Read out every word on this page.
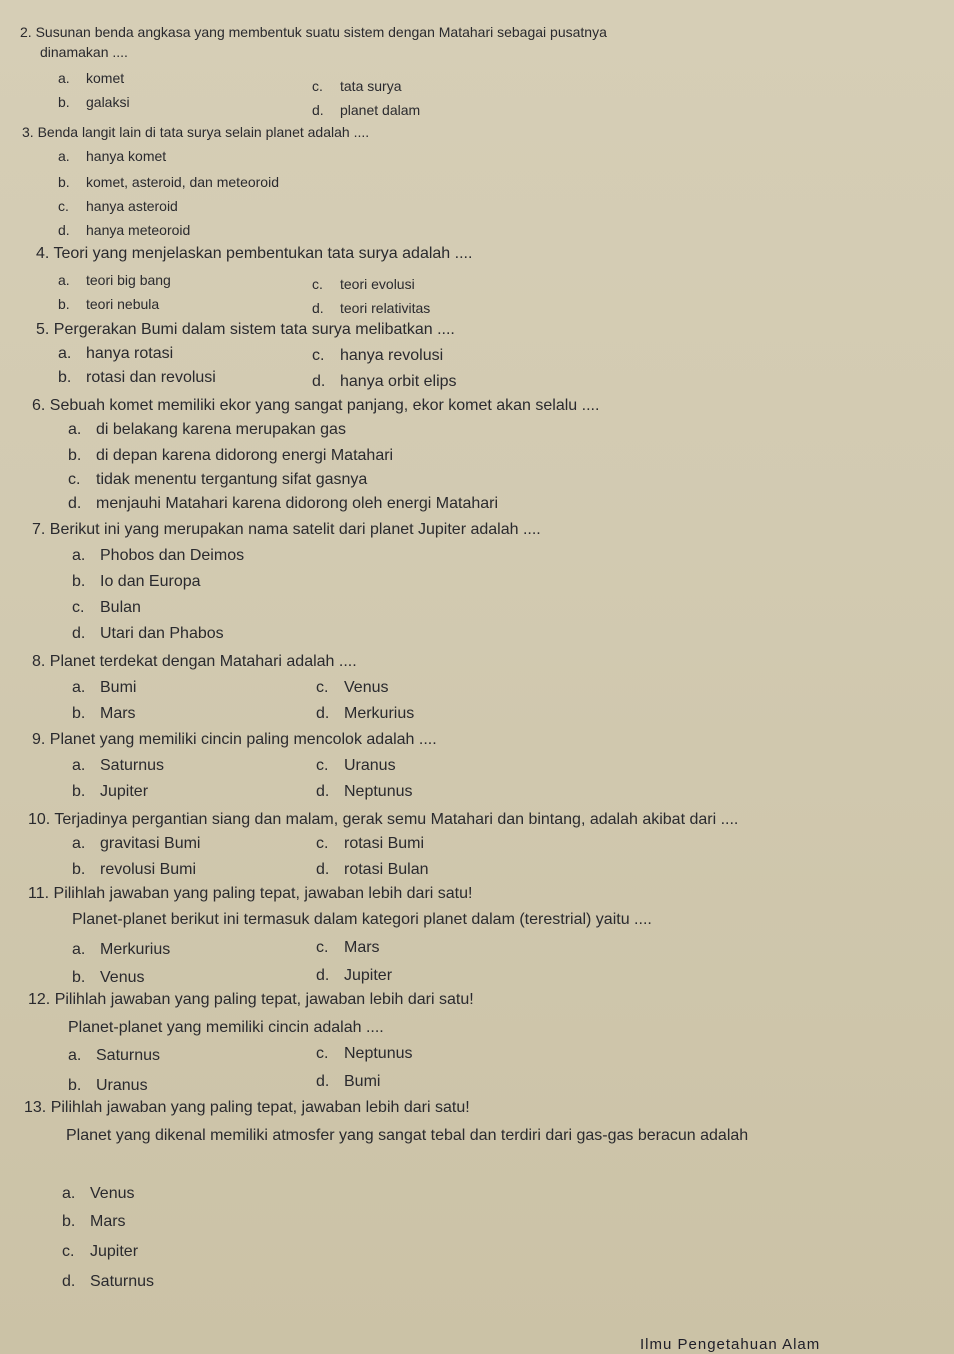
2. Susunan benda angkasa yang membentuk suatu sistem dengan Matahari sebagai pusatnya
dinamakan ....
a. komet	c. tata surya
b. galaksi	d. planet dalam
3. Benda langit lain di tata surya selain planet adalah ....
a. hanya komet
b. komet, asteroid, dan meteoroid
c. hanya asteroid
d. hanya meteoroid
4. Teori yang menjelaskan pembentukan tata surya adalah ....
a. teori big bang	c. teori evolusi
b. teori nebula	d. teori relativitas
5. Pergerakan Bumi dalam sistem tata surya melibatkan ....
a. hanya rotasi	c. hanya revolusi
b. rotasi dan revolusi	d. hanya orbit elips
6. Sebuah komet memiliki ekor yang sangat panjang, ekor komet akan selalu ....
a. di belakang karena merupakan gas
b. di depan karena didorong energi Matahari
c. tidak menentu tergantung sifat gasnya
d. menjauhi Matahari karena didorong oleh energi Matahari
7. Berikut ini yang merupakan nama satelit dari planet Jupiter adalah ....
a. Phobos dan Deimos
b. Io dan Europa
c. Bulan
d. Utari dan Phabos
8. Planet terdekat dengan Matahari adalah ....
a. Bumi	c. Venus
b. Mars	d. Merkurius
9. Planet yang memiliki cincin paling mencolok adalah ....
a. Saturnus	c. Uranus
b. Jupiter	d. Neptunus
10. Terjadinya pergantian siang dan malam, gerak semu Matahari dan bintang, adalah akibat dari ....
a. gravitasi Bumi	c. rotasi Bumi
b. revolusi Bumi	d. rotasi Bulan
11. Pilihlah jawaban yang paling tepat, jawaban lebih dari satu!
Planet-planet berikut ini termasuk dalam kategori planet dalam (terestrial) yaitu ....
a. Merkurius	c. Mars
b. Venus	d. Jupiter
12. Pilihlah jawaban yang paling tepat, jawaban lebih dari satu!
Planet-planet yang memiliki cincin adalah ....
a. Saturnus	c. Neptunus
b. Uranus	d. Bumi
13. Pilihlah jawaban yang paling tepat, jawaban lebih dari satu!
Planet yang dikenal memiliki atmosfer yang sangat tebal dan terdiri dari gas-gas beracun adalah
a. Venus
b. Mars
c. Jupiter
d. Saturnus
Ilmu Pengetahuan Alam
